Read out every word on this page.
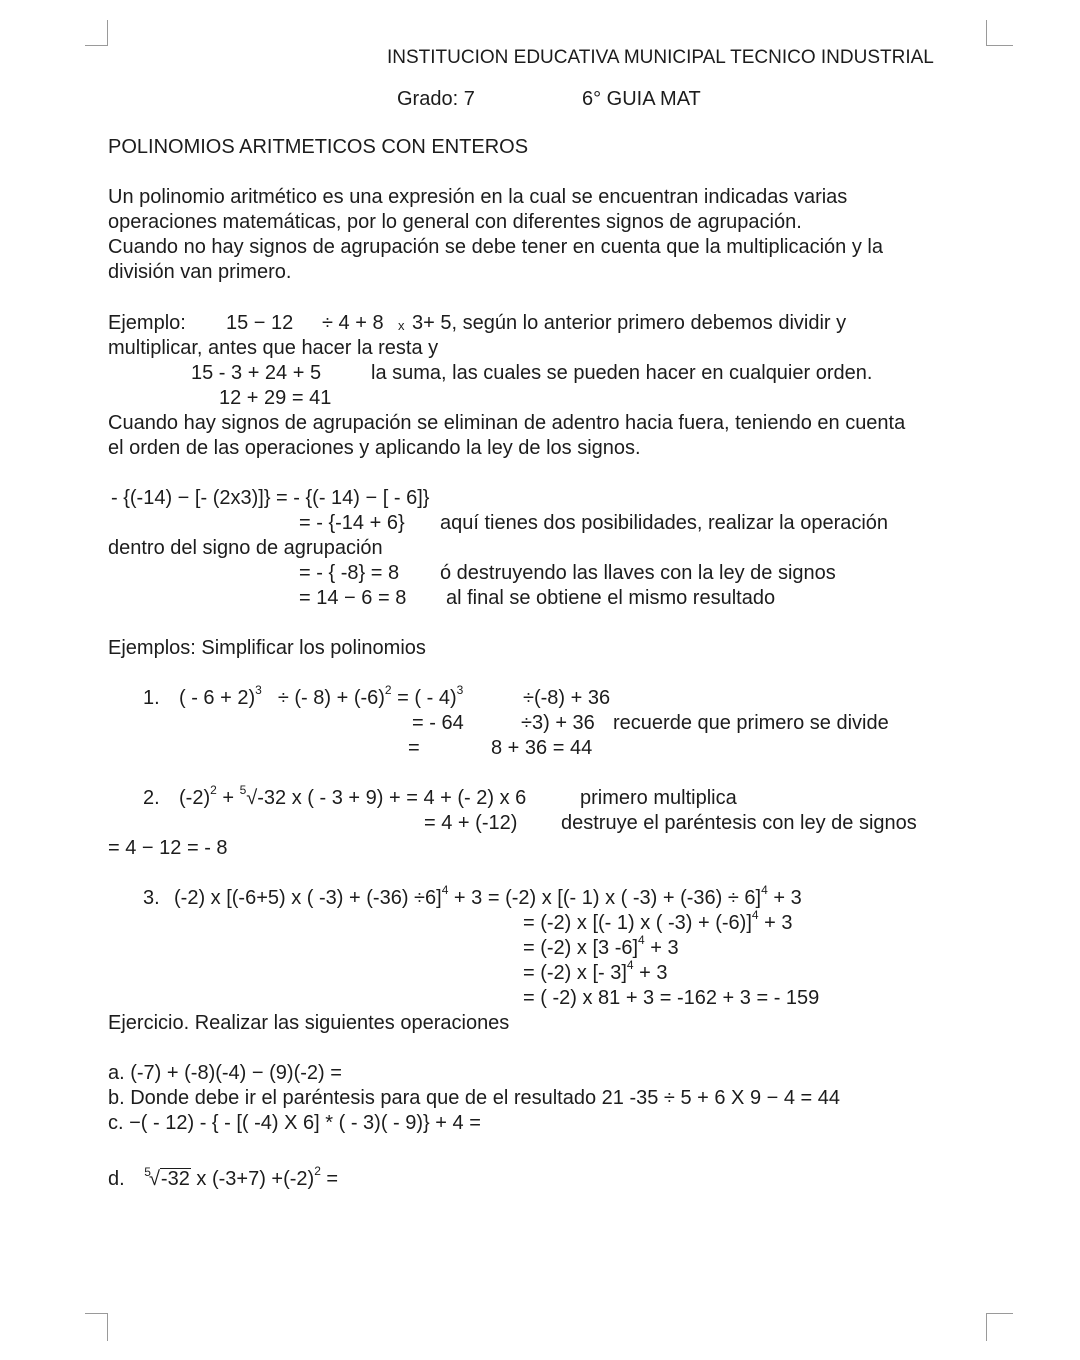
INSTITUCION EDUCATIVA MUNICIPAL TECNICO INDUSTRIAL
Grado: 7	6° GUIA MAT
POLINOMIOS ARITMETICOS CON ENTEROS
Un polinomio aritmético es una expresión en la cual se encuentran indicadas varias
operaciones matemáticas, por lo general con diferentes signos de agrupación.
Cuando no hay signos de agrupación se debe tener en cuenta que la multiplicación y la
división van primero.
Ejemplo: 15 − 12 ÷ 4 + 8 x 3+ 5, según lo anterior primero debemos dividir y
multiplicar, antes que hacer la resta y
15 - 3 + 24 + 5 la suma, las cuales se pueden hacer en cualquier orden.
12 + 29 = 41
Cuando hay signos de agrupación se eliminan de adentro hacia fuera, teniendo en cuenta
el orden de las operaciones y aplicando la ley de los signos.
- {(-14) − [- (2x3)]} = - {(- 14) − [ - 6]}
= - {-14 + 6} aquí tienes dos posibilidades, realizar la operación
dentro del signo de agrupación
= - { -8} = 8 ó destruyendo las llaves con la ley de signos
= 14 − 6 = 8 al final se obtiene el mismo resultado
Ejemplos: Simplificar los polinomios
1. ( - 6 + 2)$^3$ ÷ (- $8) + (-6)^2$ = ( - 4)$^3$	÷(-8) + 36
= - 64	÷3) + 36 recuerde que primero se divide
=	8 + 36 = 44
2. $(-2)^2 + ^5√-32$ x ( - 3 + 9) + = 4 + (- 2) x 6	primero multiplica
= 4 + (-12) destruye el paréntesis con ley de signos
= 4 − 12 = - 8
3. (-2) x [(-6+5) x ( -3) + (-36) ÷6]$^4$ + 3 = (-2) x [(- 1) x ( -3) + (-36) ÷ 6]$^4$ + 3
= (-2) x [(- 1) x ( -3) + (-6)]$^4$ + 3
= (-2) x [3 -6]$^4$ + 3
= (-2) x [- 3]$^4$ + 3
= ( -2) x 81 + 3 = -162 + 3 = - 159
Ejercicio. Realizar las siguientes operaciones
a. (-7) + (-8)(-4) − (9)(-2) =
b. Donde debe ir el paréntesis para que de el resultado 21 -35 ÷ 5 + 6 X 9 − 4 = 44
c. −( - 12) - { - [( -4) X 6] * ( - 3)( - 9)} + 4 =
d. $^5$√-32 x $(-3+7) +(-2)^2$ =
